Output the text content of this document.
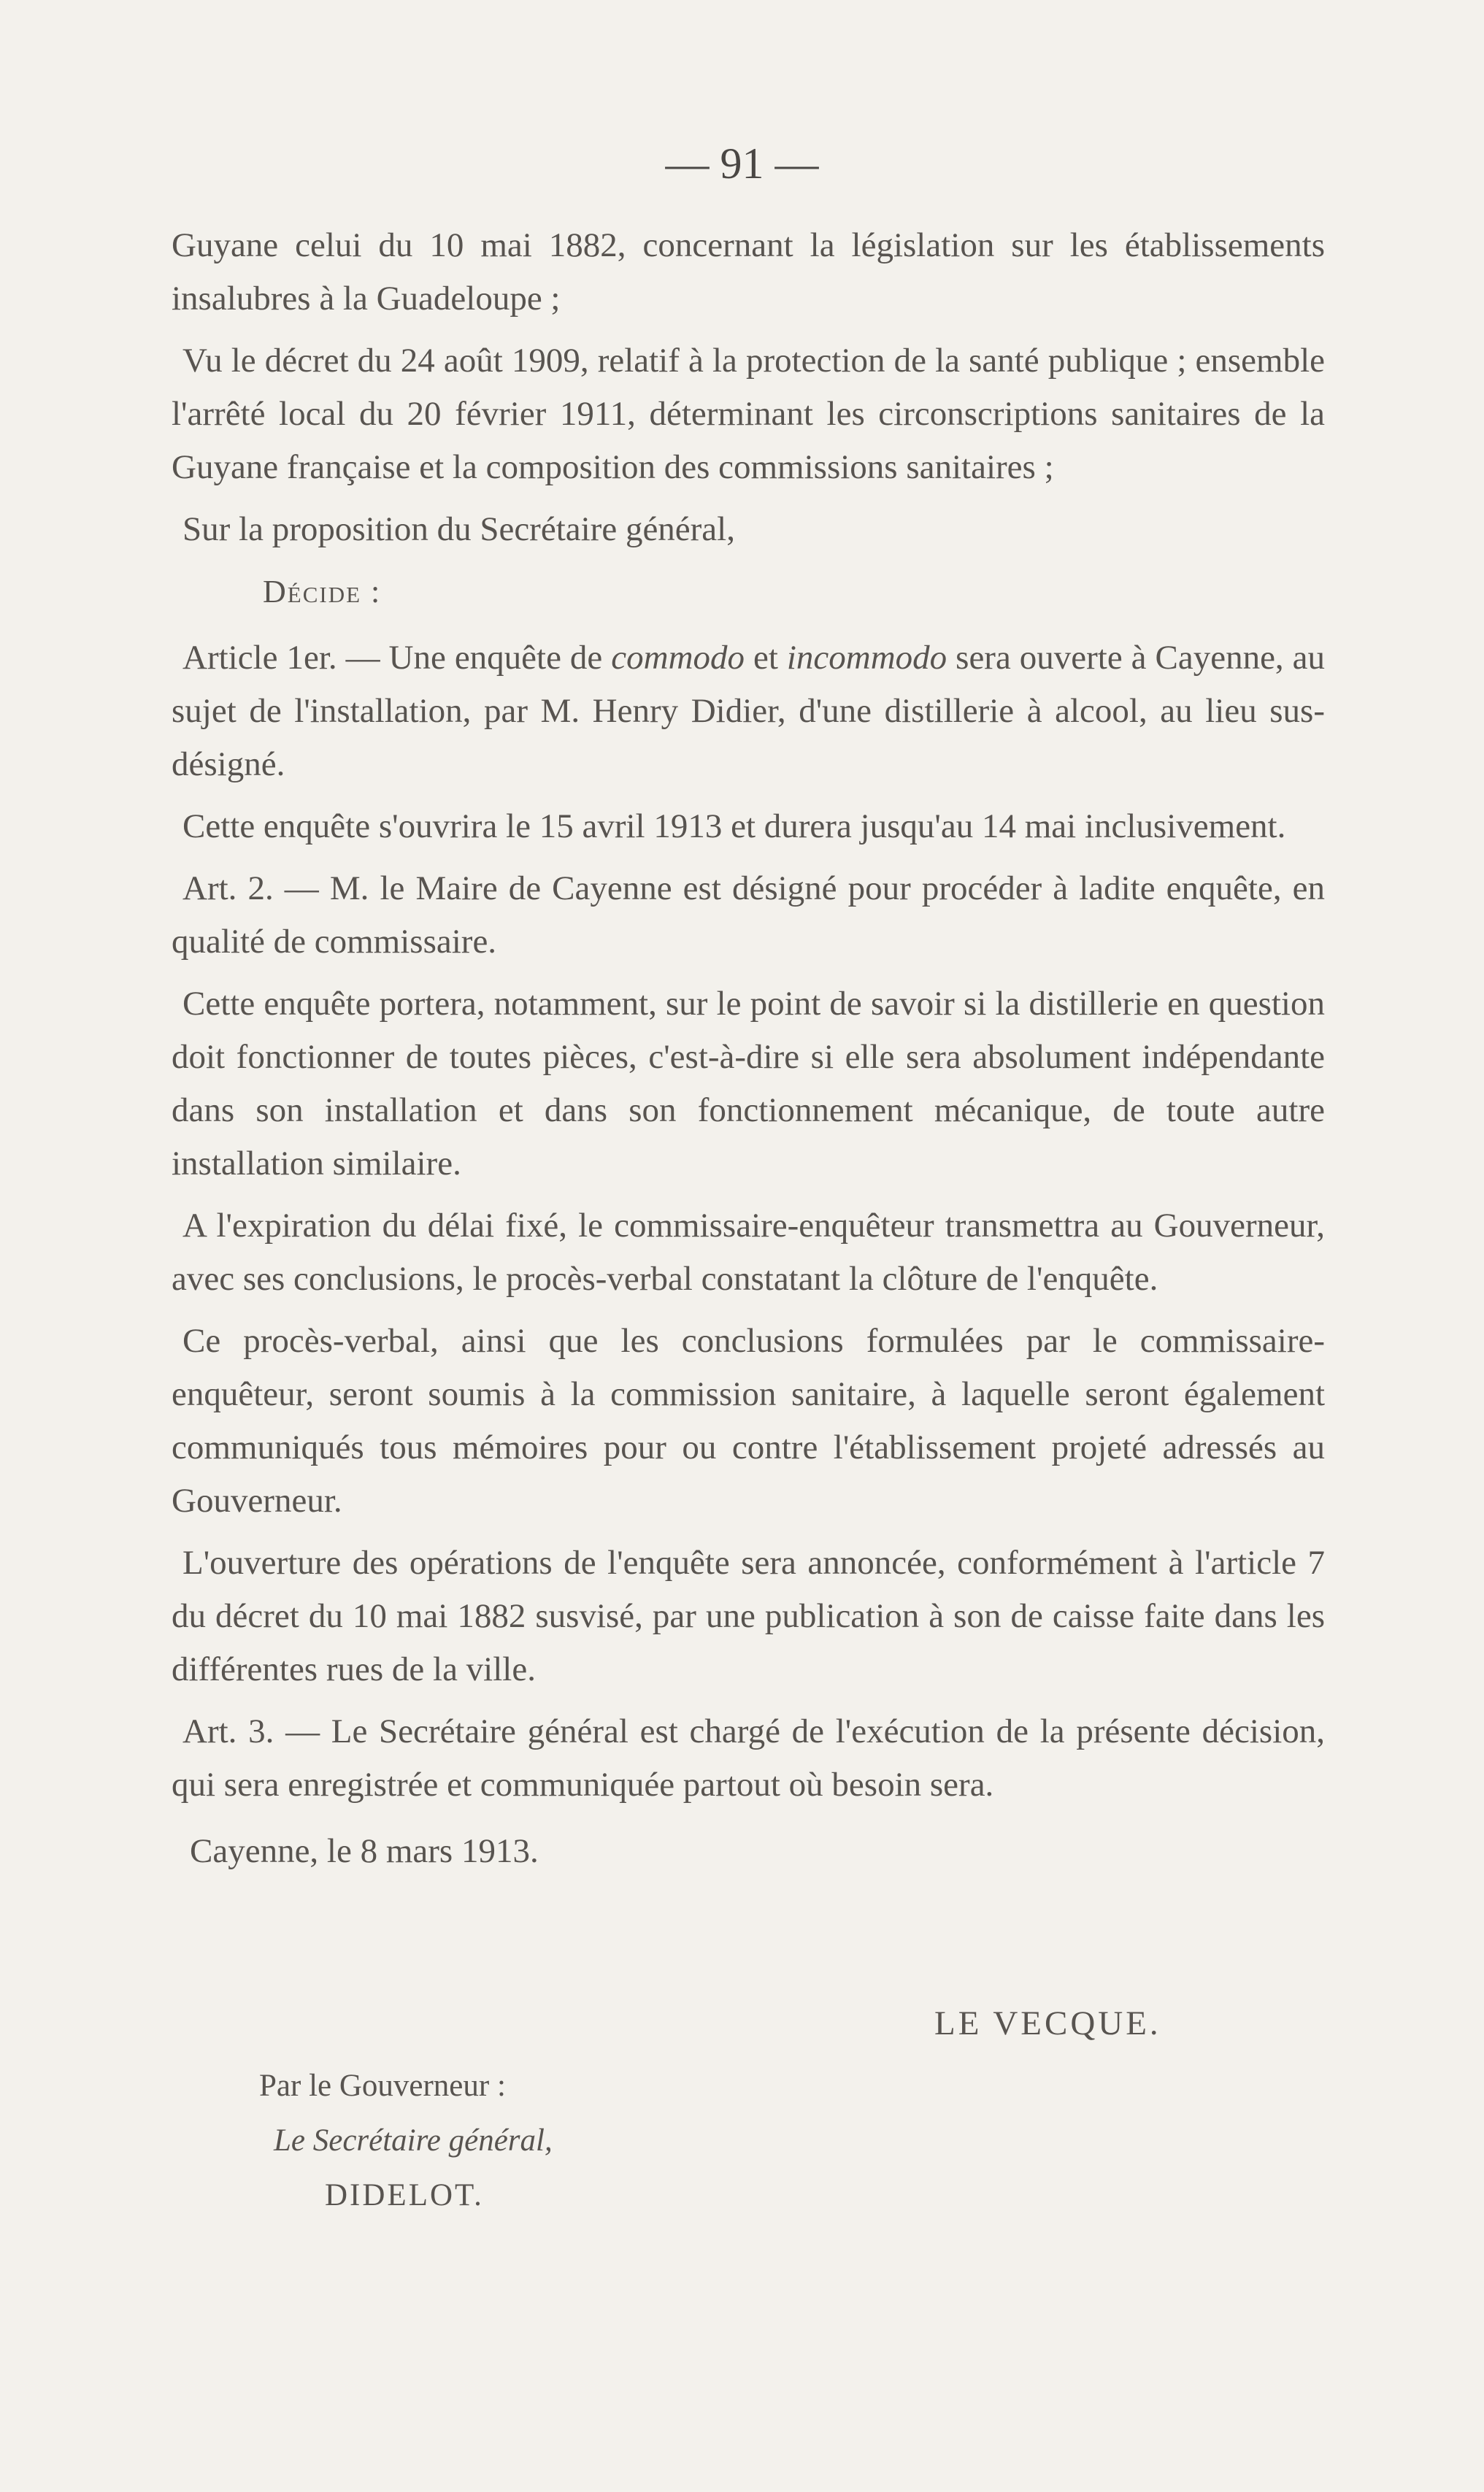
— 91 —

Guyane celui du 10 mai 1882, concernant la législation sur les établissements insalubres à la Guadeloupe ;

Vu le décret du 24 août 1909, relatif à la protection de la santé publique ; ensemble l'arrêté local du 20 février 1911, déterminant les circonscriptions sanitaires de la Guyane française et la composition des commissions sanitaires ;

Sur la proposition du Secrétaire général,

Décide :

Article 1er. — Une enquête de commodo et incommodo sera ouverte à Cayenne, au sujet de l'installation, par M. Henry Didier, d'une distillerie à alcool, au lieu sus-désigné.

Cette enquête s'ouvrira le 15 avril 1913 et durera jusqu'au 14 mai inclusivement.

Art. 2. — M. le Maire de Cayenne est désigné pour procéder à ladite enquête, en qualité de commissaire.

Cette enquête portera, notamment, sur le point de savoir si la distillerie en question doit fonctionner de toutes pièces, c'est-à-dire si elle sera absolument indépendante dans son installation et dans son fonctionnement mécanique, de toute autre installation similaire.

A l'expiration du délai fixé, le commissaire-enquêteur transmettra au Gouverneur, avec ses conclusions, le procès-verbal constatant la clôture de l'enquête.

Ce procès-verbal, ainsi que les conclusions formulées par le commissaire-enquêteur, seront soumis à la commission sanitaire, à laquelle seront également communiqués tous mémoires pour ou contre l'établissement projeté adressés au Gouverneur.

L'ouverture des opérations de l'enquête sera annoncée, conformément à l'article 7 du décret du 10 mai 1882 susvisé, par une publication à son de caisse faite dans les différentes rues de la ville.

Art. 3. — Le Secrétaire général est chargé de l'exécution de la présente décision, qui sera enregistrée et communiquée partout où besoin sera.

Cayenne, le 8 mars 1913.

LE VECQUE.
Par le Gouverneur :
Le Secrétaire général,
DIDELOT.
